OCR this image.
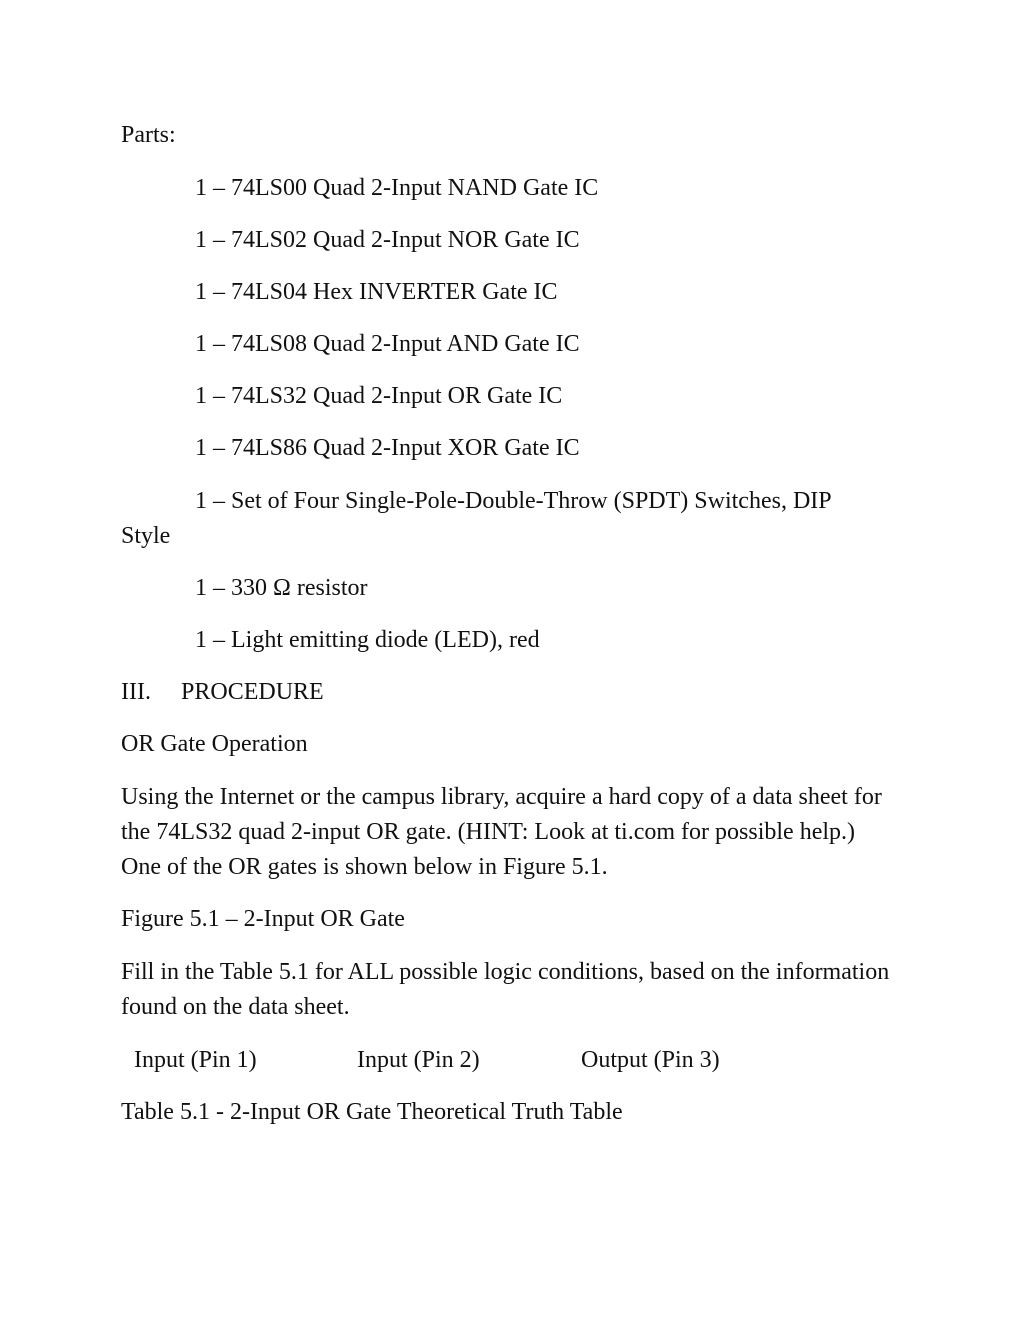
Parts:

1 – 74LS00 Quad 2-Input NAND Gate IC

1 – 74LS02 Quad 2-Input NOR Gate IC

1 – 74LS04 Hex INVERTER Gate IC

1 – 74LS08 Quad 2-Input AND Gate IC

1 – 74LS32 Quad 2-Input OR Gate IC

1 – 74LS86 Quad 2-Input XOR Gate IC

1 – Set of Four Single-Pole-Double-Throw (SPDT) Switches, DIP Style

1 – 330 Ω resistor

1 – Light emitting diode (LED), red

III. PROCEDURE

OR Gate Operation

Using the Internet or the campus library, acquire a hard copy of a data sheet for the 74LS32 quad 2-input OR gate. (HINT: Look at ti.com for possible help.) One of the OR gates is shown below in Figure 5.1.

Figure 5.1 – 2-Input OR Gate

Fill in the Table 5.1 for ALL possible logic conditions, based on the information found on the data sheet.

Input (Pin 1)	Input (Pin 2)	Output (Pin 3)

Table 5.1 - 2-Input OR Gate Theoretical Truth Table
